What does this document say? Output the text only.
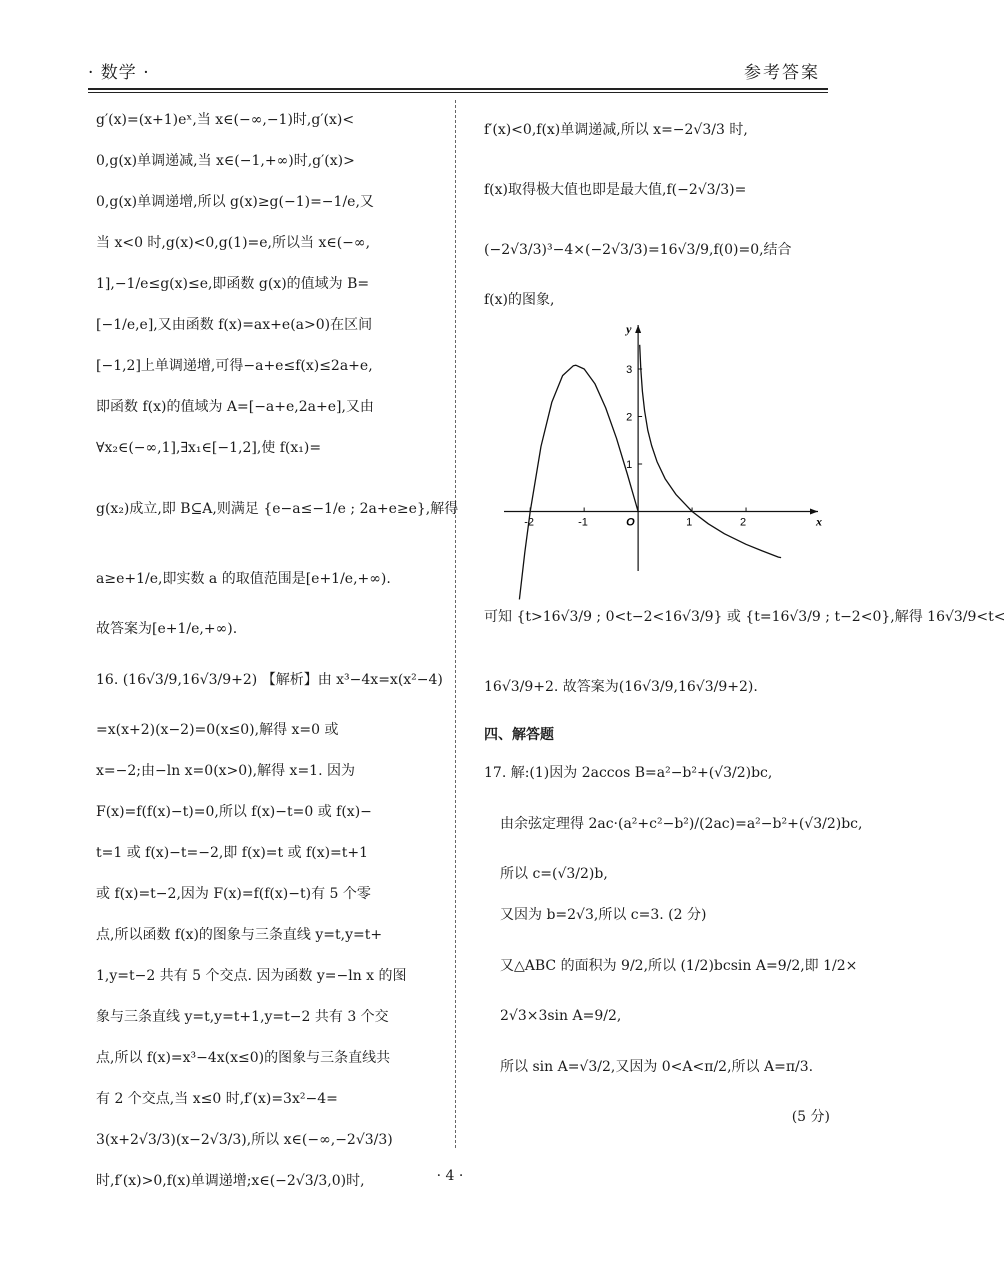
· 数学 ·	参考答案
g′(x)=(x+1)eˣ,当 x∈(−∞,−1)时,g′(x)<
0,g(x)单调递减,当 x∈(−1,+∞)时,g′(x)>
0,g(x)单调递增,所以 g(x)≥g(−1)=−1/e,又
当 x<0 时,g(x)<0,g(1)=e,所以当 x∈(−∞,
1],−1/e≤g(x)≤e,即函数 g(x)的值域为 B=
[−1/e,e],又由函数 f(x)=ax+e(a>0)在区间
[−1,2]上单调递增,可得−a+e≤f(x)≤2a+e,
即函数 f(x)的值域为 A=[−a+e,2a+e],又由
∀x₂∈(−∞,1],∃x₁∈[−1,2],使 f(x₁)=
g(x₂)成立,即 B⊆A,则满足 {e−a≤−1/e ; 2a+e≥e},解得
a≥e+1/e,即实数 a 的取值范围是[e+1/e,+∞).
故答案为[e+1/e,+∞).
16. (16√3/9,16√3/9+2) 【解析】由 x³−4x=x(x²−4)
=x(x+2)(x−2)=0(x≤0),解得 x=0 或
x=−2;由−ln x=0(x>0),解得 x=1. 因为
F(x)=f(f(x)−t)=0,所以 f(x)−t=0 或 f(x)−
t=1 或 f(x)−t=−2,即 f(x)=t 或 f(x)=t+1
或 f(x)=t−2,因为 F(x)=f(f(x)−t)有 5 个零
点,所以函数 f(x)的图象与三条直线 y=t,y=t+
1,y=t−2 共有 5 个交点. 因为函数 y=−ln x 的图
象与三条直线 y=t,y=t+1,y=t−2 共有 3 个交
点,所以 f(x)=x³−4x(x≤0)的图象与三条直线共
有 2 个交点,当 x≤0 时,f′(x)=3x²−4=
3(x+2√3/3)(x−2√3/3),所以 x∈(−∞,−2√3/3)
时,f′(x)>0,f(x)单调递增;x∈(−2√3/3,0)时,
f′(x)<0,f(x)单调递减,所以 x=−2√3/3 时,
f(x)取得极大值也即是最大值,f(−2√3/3)=
(−2√3/3)³−4×(−2√3/3)=16√3/9,f(0)=0,结合
f(x)的图象,
x
y
O
-2	-1	1	2
1
2
3
可知 {t>16√3/9 ; 0<t−2<16√3/9} 或 {t=16√3/9 ; t−2<0},解得 16√3/9<t<
16√3/9+2. 故答案为(16√3/9,16√3/9+2).
四、解答题
17. 解:(1)因为 2accos B=a²−b²+(√3/2)bc,
由余弦定理得 2ac·(a²+c²−b²)/(2ac)=a²−b²+(√3/2)bc,
所以 c=(√3/2)b,
又因为 b=2√3,所以 c=3. (2 分)
又△ABC 的面积为 9/2,所以 (1/2)bcsin A=9/2,即 1/2×
2√3×3sin A=9/2,
所以 sin A=√3/2,又因为 0<A<π/2,所以 A=π/3.
(5 分)
· 4 ·
